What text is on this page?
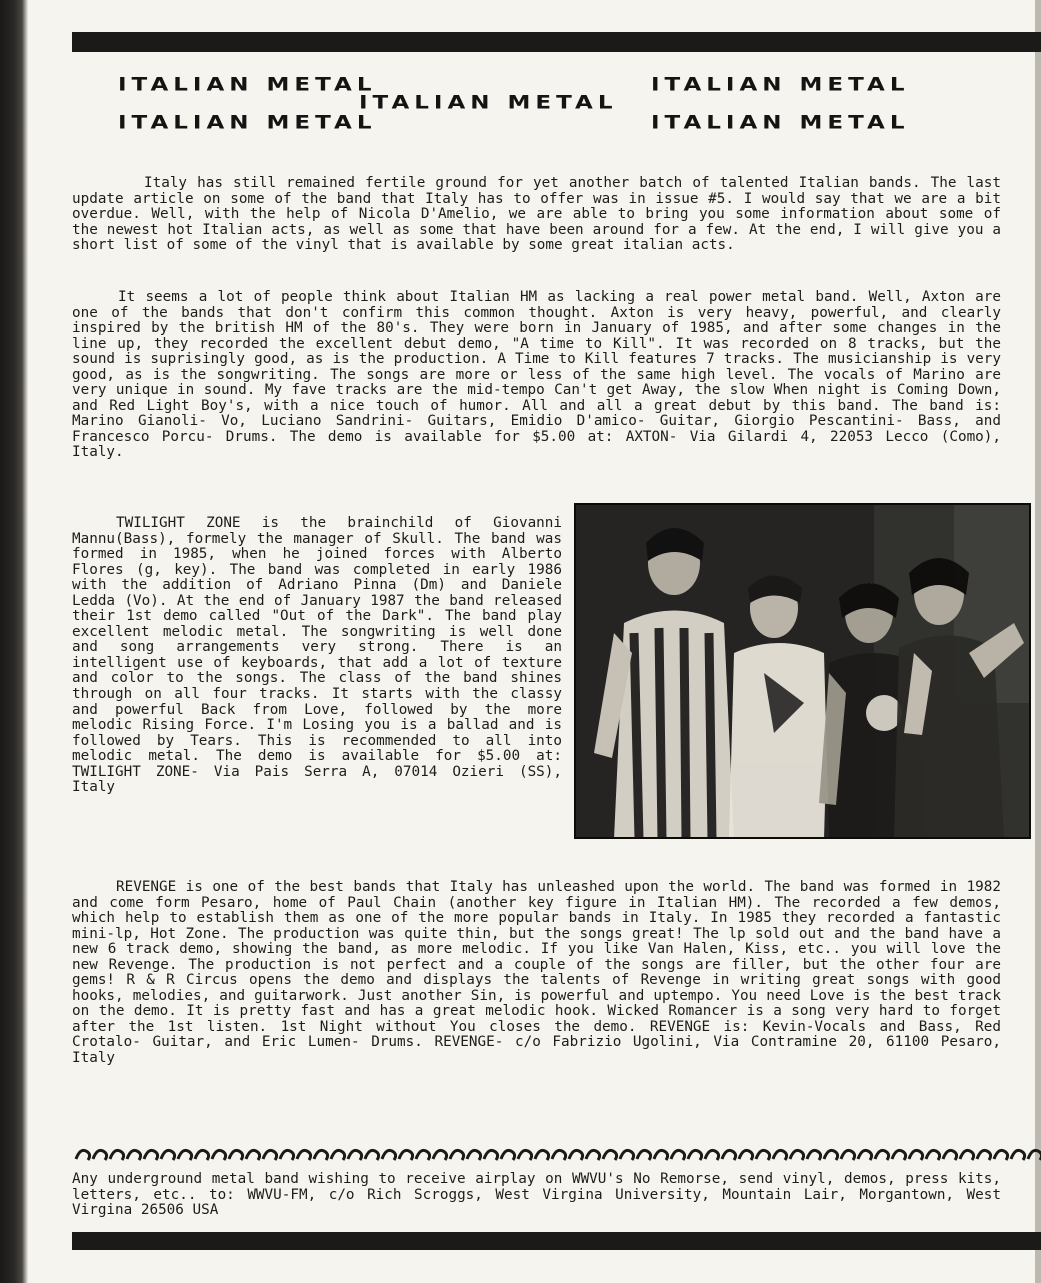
ITALIAN METAL	ITALIAN METAL
ITALIAN METAL
ITALIAN METAL	ITALIAN METAL

Italy has still remained fertile ground for yet another batch of talented Italian bands. The last update article on some of the band that Italy has to offer was in issue #5. I would say that we are a bit overdue. Well, with the help of Nicola D'Amelio, we are able to bring you some information about some of the newest hot Italian acts, as well as some that have been around for a few. At the end, I will give you a short list of some of the vinyl that is available by some great italian acts.

It seems a lot of people think about Italian HM as lacking a real power metal band. Well, Axton are one of the bands that don't confirm this common thought. Axton is very heavy, powerful, and clearly inspired by the british HM of the 80's. They were born in January of 1985, and after some changes in the line up, they recorded the excellent debut demo, "A time to Kill". It was recorded on 8 tracks, but the sound is suprisingly good, as is the production. A Time to Kill features 7 tracks. The musicianship is very good, as is the songwriting. The songs are more or less of the same high level. The vocals of Marino are very unique in sound. My fave tracks are the mid-tempo Can't get Away, the slow When night is Coming Down, and Red Light Boy's, with a nice touch of humor. All and all a great debut by this band. The band is: Marino Gianoli- Vo, Luciano Sandrini- Guitars, Emidio D'amico- Guitar, Giorgio Pescantini- Bass, and Francesco Porcu- Drums. The demo is available for $5.00 at: AXTON- Via Gilardi 4, 22053 Lecco (Como), Italy.

TWILIGHT ZONE is the brainchild of Giovanni Mannu(Bass), formely the manager of Skull. The band was formed in 1985, when he joined forces with Alberto Flores (g, key). The band was completed in early 1986 with the addition of Adriano Pinna (Dm) and Daniele Ledda (Vo). At the end of January 1987 the band released their 1st demo called "Out of the Dark". The band play excellent melodic metal. The songwriting is well done and song arrangements very strong. There is an intelligent use of keyboards, that add a lot of texture and color to the songs. The class of the band shines through on all four tracks. It starts with the classy and powerful Back from Love, followed by the more melodic Rising Force. I'm Losing you is a ballad and is followed by Tears. This is recommended to all into melodic metal. The demo is available for $5.00 at: TWILIGHT ZONE- Via Pais Serra A, 07014 Ozieri (SS), Italy

REVENGE is one of the best bands that Italy has unleashed upon the world. The band was formed in 1982 and come form Pesaro, home of Paul Chain (another key figure in Italian HM). The recorded a few demos, which help to establish them as one of the more popular bands in Italy. In 1985 they recorded a fantastic mini-lp, Hot Zone. The production was quite thin, but the songs great! The lp sold out and the band have a new 6 track demo, showing the band, as more melodic. If you like Van Halen, Kiss, etc.. you will love the new Revenge. The production is not perfect and a couple of the songs are filler, but the other four are gems! R & R Circus opens the demo and displays the talents of Revenge in writing great songs with good hooks, melodies, and guitarwork. Just another Sin, is powerful and uptempo. You need Love is the best track on the demo. It is pretty fast and has a great melodic hook. Wicked Romancer is a song very hard to forget after the 1st listen. 1st Night without You closes the demo. REVENGE is: Kevin-Vocals and Bass, Red Crotalo- Guitar, and Eric Lumen- Drums. REVENGE- c/o Fabrizio Ugolini, Via Contramine 20, 61100 Pesaro, Italy

Any underground metal band wishing to receive airplay on WWVU's No Remorse, send vinyl, demos, press kits, letters, etc.. to: WWVU-FM, c/o Rich Scroggs, West Virgina University, Mountain Lair, Morgantown, West Virgina 26506 USA
